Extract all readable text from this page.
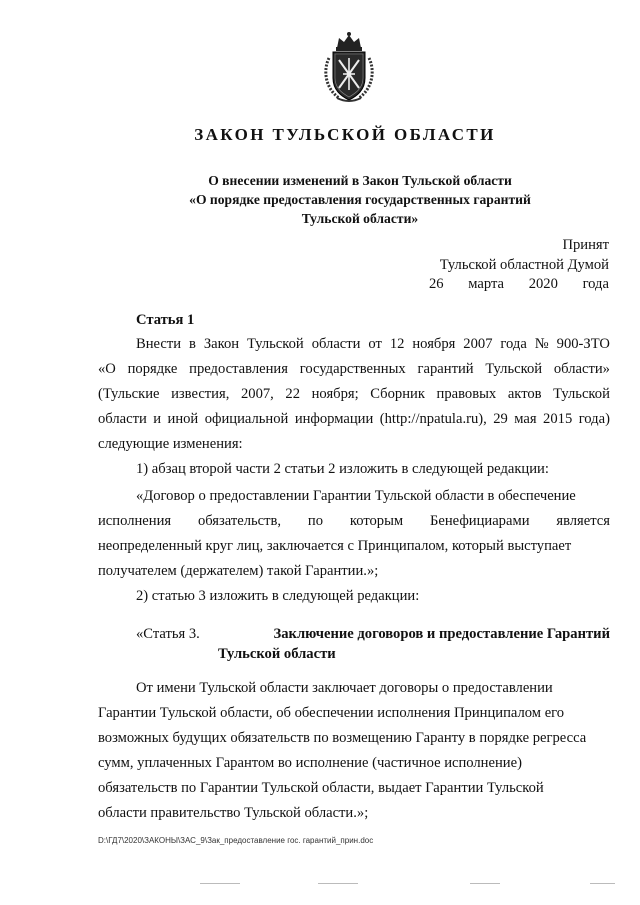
ЗАКОН ТУЛЬСКОЙ ОБЛАСТИ
О внесении изменений в Закон Тульской области
«О порядке предоставления государственных гарантий
Тульской области»
Принят
Тульской областной Думой
26 марта 2020 года
Статья 1
Внести в Закон Тульской области от 12 ноября 2007 года № 900-ЗТО
«О порядке предоставления государственных гарантий Тульской области»
(Тульские известия, 2007, 22 ноября; Сборник правовых актов Тульской
области и иной официальной информации (http://npatula.ru), 29 мая 2015 года)
следующие изменения:
1) абзац второй части 2 статьи 2 изложить в следующей редакции:
«Договор о предоставлении Гарантии Тульской области в обеспечение
исполнения обязательств, по которым Бенефициарами является
неопределенный круг лиц, заключается с Принципалом, который выступает
получателем (держателем) такой Гарантии.»;
2) статью 3 изложить в следующей редакции:
«Статья 3.	Заключение договоров и предоставление Гарантий
Тульской области
От имени Тульской области заключает договоры о предоставлении
Гарантии Тульской области, об обеспечении исполнения Принципалом его
возможных будущих обязательств по возмещению Гаранту в порядке регресса
сумм, уплаченных Гарантом во исполнение (частичное исполнение)
обязательств по Гарантии Тульской области, выдает Гарантии Тульской
области правительство Тульской области.»;
D:\ГД7\2020\ЗАКОНЫ\ЗАС_9\Зак_предоставление гос. гарантий_прин.doc
